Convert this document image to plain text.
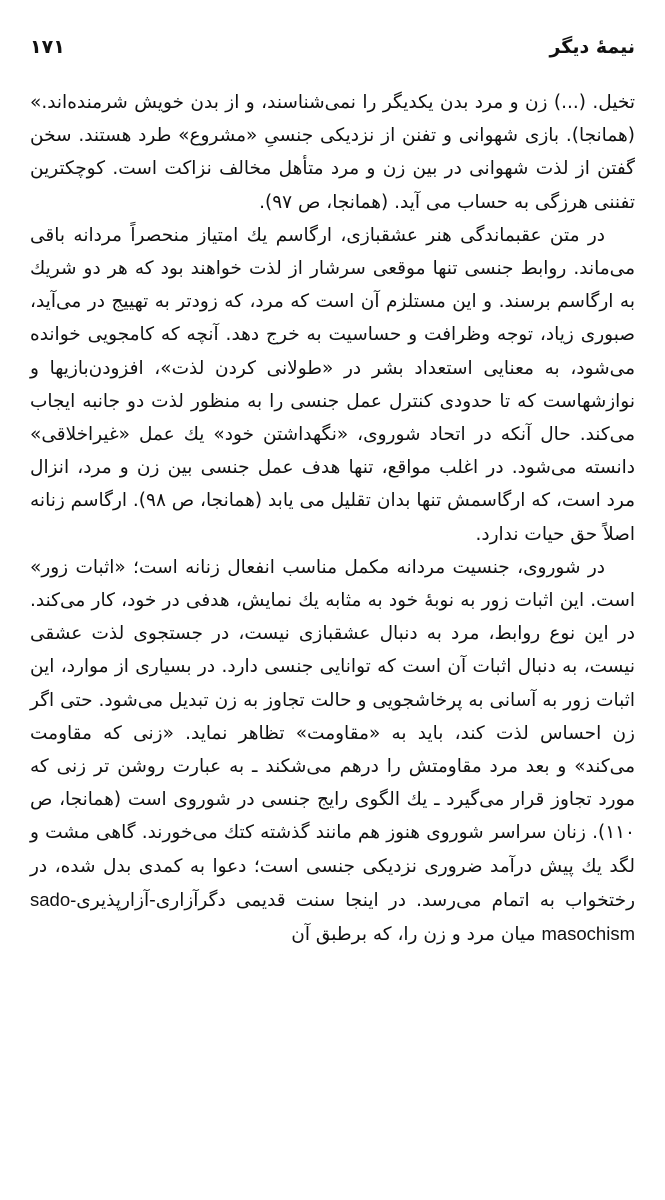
نیمهٔ دیگر
۱۷۱

تخیل. (...) زن و مرد بدن یکدیگر را نمی‌شناسند، و از بدن خویش شرمنده‌اند.» (همانجا). بازی شهوانی و تفنن از نزدیکی جنسیِ «مشروع» طرد هستند. سخن گفتن از لذت شهوانی در بین زن و مرد متأهل مخالف نزاکت است. کوچکترین تفننی هرزگی به حساب می آید. (همانجا، ص ۹۷).

در متن عقبماندگی هنر عشقبازی، ارگاسم یك امتیاز منحصراً مردانه باقی می‌ماند. روابط جنسی تنها موقعی سرشار از لذت خواهند بود که هر دو شریك به ارگاسم برسند. و این مستلزم آن است که مرد، که زودتر به تهییج در می‌آید، صبوری زیاد، توجه وظرافت و حساسیت به خرج دهد. آنچه که کامجویی خوانده می‌شود، به معنایی استعداد بشر در «طولانی کردن لذت»، افزودن‌بازیها و نوازشهاست که تا حدودی کنترل عمل جنسی را به منظور لذت دو جانبه ایجاب می‌کند. حال آنکه در اتحاد شوروی، «نگهداشتن خود» یك عمل «غیراخلاقی» دانسته می‌شود. در اغلب مواقع، تنها هدف عمل جنسی بین زن و مرد، انزال مرد است، که ارگاسمش تنها بدان تقلیل می یابد (همانجا، ص ۹۸). ارگاسم زنانه اصلاً حق حیات ندارد.

در شوروی، جنسیت مردانه مکمل مناسب انفعال زنانه است؛ «اثبات زور» است. این اثبات زور به نوبهٔ خود به مثابه یك نمایش، هدفی در خود، کار می‌کند. در این نوع روابط، مرد به دنبال عشقبازی نیست، در جستجوی لذت عشقی نیست، به دنبال اثبات آن است که توانایی جنسی دارد. در بسیاری از موارد، این اثبات زور به آسانی به پرخاشجویی و حالت تجاوز به زن تبدیل می‌شود. حتی اگر زن احساس لذت کند، باید به «مقاومت» تظاهر نماید. «زنی که مقاومت می‌کند» و بعد مرد مقاومتش را درهم می‌شکند ـ به عبارت روشن تر زنی که مورد تجاوز قرار می‌گیرد ـ یك الگوی رایج جنسی در شوروی است (همانجا، ص ۱۱۰). زنان سراسر شوروی هنوز هم مانند گذشته کتك می‌خورند. گاهی مشت و لگد یك پیش درآمد ضروری نزدیکی جنسی است؛ دعوا به کمدی بدل شده، در رختخواب به اتمام می‌رسد. در اینجا سنت قدیمی دگرآزاری-آزارپذیریsado-masochism میان مرد و زن را، که برطبق آن
